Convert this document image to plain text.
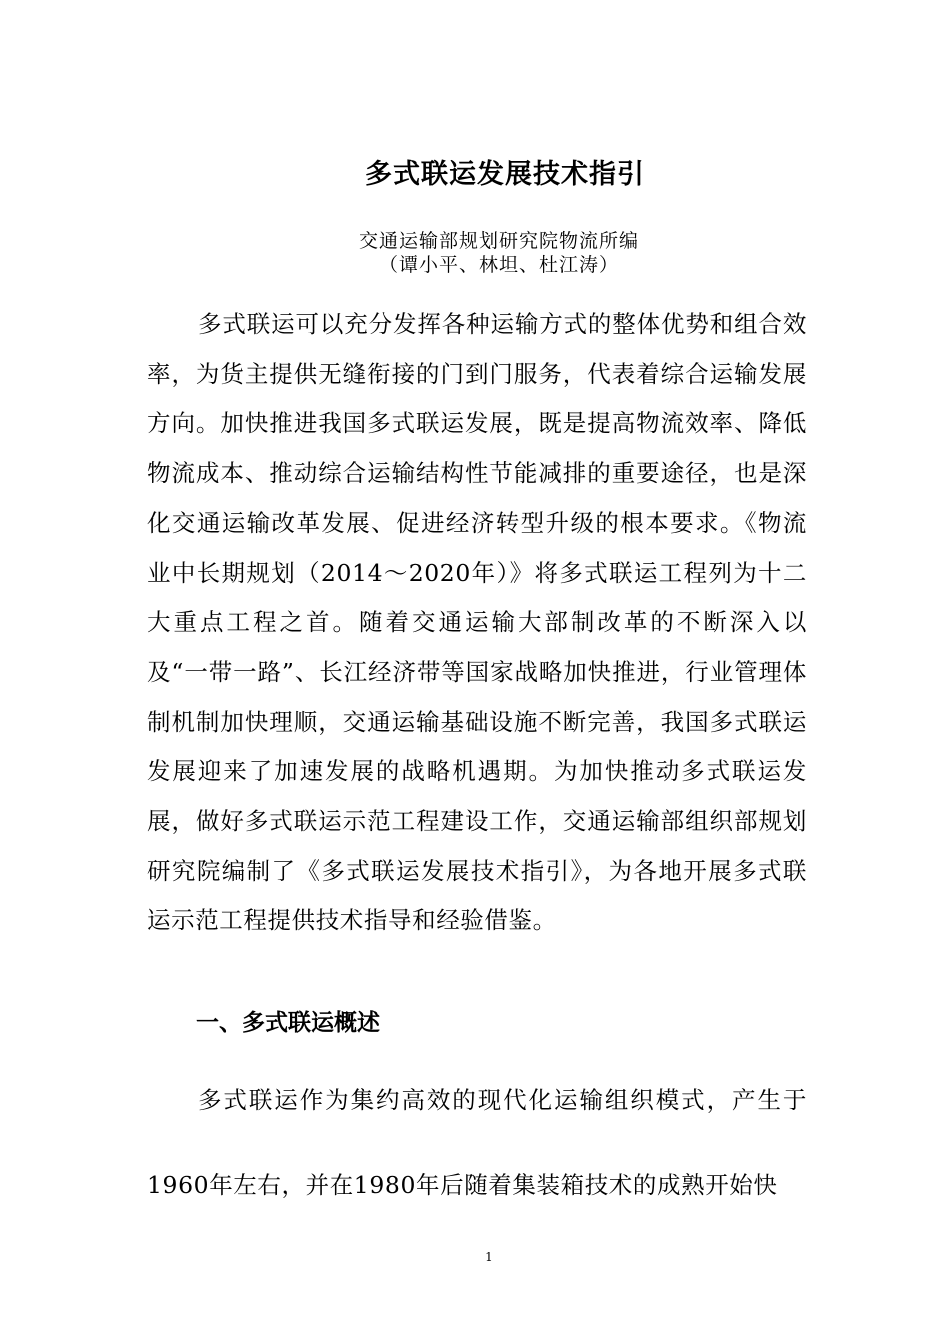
多式联运发展技术指引
交通运输部规划研究院物流所编
（谭小平、林坦、杜江涛）

多式联运可以充分发挥各种运输方式的整体优势和组合效率，为货主提供无缝衔接的门到门服务，代表着综合运输发展方向。加快推进我国多式联运发展，既是提高物流效率、降低物流成本、推动综合运输结构性节能减排的重要途径，也是深化交通运输改革发展、促进经济转型升级的根本要求。《物流业中长期规划（2014～2020年）》将多式联运工程列为十二大重点工程之首。随着交通运输大部制改革的不断深入以及“一带一路”、长江经济带等国家战略加快推进，行业管理体制机制加快理顺，交通运输基础设施不断完善，我国多式联运发展迎来了加速发展的战略机遇期。为加快推动多式联运发展，做好多式联运示范工程建设工作，交通运输部组织部规划研究院编制了《多式联运发展技术指引》，为各地开展多式联运示范工程提供技术指导和经验借鉴。

一、多式联运概述

多式联运作为集约高效的现代化运输组织模式，产生于1960年左右，并在1980年后随着集装箱技术的成熟开始快

1
